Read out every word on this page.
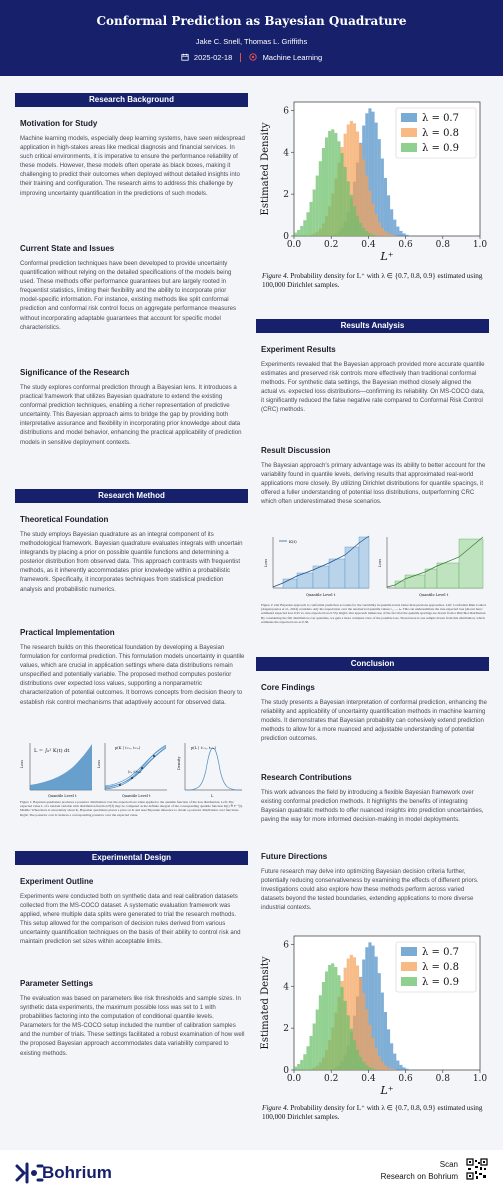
Conformal Prediction as Bayesian Quadrature
Jake C. Snell, Thomas L. Griffiths
2025-02-18	Machine Learning
Research Background
Motivation for Study
Machine learning models, especially deep learning systems, have seen widespread application in high-stakes areas like medical diagnosis and financial services. In such critical environments, it is imperative to ensure the performance reliability of these models. However, these models often operate as black boxes, making it challenging to predict their outcomes when deployed without detailed insights into their training and configuration. The research aims to address this challenge by improving uncertainty quantification in the predictions of such models.
Current State and Issues
Conformal prediction techniques have been developed to provide uncertainty quantification without relying on the detailed specifications of the models being used. These methods offer performance guarantees but are largely rooted in frequentist statistics, limiting their flexibility and the ability to incorporate prior model-specific information. For instance, existing methods like split conformal prediction and conformal risk control focus on aggregate performance measures without incorporating adaptable guarantees that account for specific model characteristics.
Significance of the Research
The study explores conformal prediction through a Bayesian lens. It introduces a practical framework that utilizes Bayesian quadrature to extend the existing conformal prediction techniques, enabling a richer representation of predictive uncertainty. This Bayesian approach aims to bridge the gap by providing both interpretative assurance and flexibility in incorporating prior knowledge about data distributions and model behavior, enhancing the practical applicability of prediction models in sensitive deployment contexts.
Research Method
Theoretical Foundation
The study employs Bayesian quadrature as an integral component of its methodological framework. Bayesian quadrature evaluates integrals with uncertain integrands by placing a prior on possible quantile functions and determining a posterior distribution from observed data. This approach contrasts with frequentist methods, as it inherently accommodates prior knowledge within a probabilistic framework. Specifically, it incorporates techniques from statistical prediction analysis and probabilistic numerics.
Practical Implementation
The research builds on this theoretical foundation by developing a Bayesian formulation for conformal prediction. This formulation models uncertainty in quantile values, which are crucial in application settings where data distributions remain unspecified and potentially variable. The proposed method computes posterior distributions over expected loss values, supporting a nonparametric characterization of potential outcomes. It borrows concepts from decision theory to establish risk control mechanisms that adaptively account for observed data.
L = ∫₀¹ K(t) dt
Quantile Level t
Loss
p(K | ℓ₁:ₙ, t₁:ₙ)
(ℓᵢ, tᵢ)ⁿᵢ₌₁
Quantile Level t
Loss
p(L | ℓ₁:ₙ, t₁:ₙ)
L
Density
Figure 1: Bayesian quadrature produces a posterior distribution over the expected loss when applied to the quantile function of the loss distribution. Left: The expected value L of a random variable with distribution function F(ℓ) may be computed as the definite integral of the corresponding quantile function K(t) ≜ F⁻¹(t). Middle: When there is uncertainty about K, Bayesian quadrature places a prior on K and uses Bayesian inference to obtain a posterior distribution over functions. Right: The posterior over K induces a corresponding posterior over the expected value.
Experimental Design
Experiment Outline
Experiments were conducted both on synthetic data and real calibration datasets collected from the MS-COCO dataset. A systematic evaluation framework was applied, where multiple data splits were generated to trial the research methods. This setup allowed for the comparison of decision rules derived from various uncertainty quantification techniques on the basis of their ability to control risk and maintain prediction set sizes within acceptable limits.
Parameter Settings
The evaluation was based on parameters like risk thresholds and sample sizes. In synthetic data experiments, the maximum possible loss was set to 1 with probabilities factoring into the computation of conditional quantile levels. Parameters for the MS-COCO setup included the number of calibration samples and the number of trials. These settings facilitated a robust examination of how well the proposed Bayesian approach accommodates data variability compared to existing methods.
0.0	0.2	0.4	0.6	0.8	1.0
0
2
4
6
L⁺
Estimated Density
λ = 0.7
λ = 0.8
λ = 0.9
Figure 4. Probability density for L⁺ with λ ∈ {0.7, 0.8, 0.9} estimated using 100,000 Dirichlet samples.
Results Analysis
Experiment Results
Experiments revealed that the Bayesian approach provided more accurate quantile estimates and preserved risk controls more effectively than traditional conformal methods. For synthetic data settings, the Bayesian method closely aligned the actual vs. expected loss distributions—confirming its reliability. On MS-COCO data, it significantly reduced the false negative rate compared to Conformal Risk Control (CRC) methods.
Result Discussion
The Bayesian approach's primary advantage was its ability to better account for the variability found in quantile levels, deriving results that approximated real-world applications more closely. By utilizing Dirichlet distributions for quantile spacings, it offered a fuller understanding of potential loss distributions, outperforming CRC which often underestimated these scenarios.
K(t)
Quantile Level t
Loss
Quantile Level t
Loss
Figure 2: Our Bayesian approach to conformal prediction accounts for the variability in quantile levels better than previous approaches. Left: Conformal Risk Control (Angelopoulos et al., 2024) considers only the expectation over the unobserved quantile values t₁, ..., tₙ. This can underestimate the true expected loss (shown here: estimated expected loss 0.45 vs. true expected loss 0.53). Right: Our approach makes use of the fact that the quantile spacings are drawn from a Dirichlet distribution. By considering the full distribution over quantiles, we gain a more complete view of the possible loss. Shown here is one sample drawn from this distribution, which estimates the expected loss as 0.58.
Conclusion
Core Findings
The study presents a Bayesian interpretation of conformal prediction, enhancing the reliability and applicability of uncertainty quantification methods in machine learning models. It demonstrates that Bayesian probability can cohesively extend prediction methods to allow for a more nuanced and adjustable understanding of potential prediction outcomes.
Research Contributions
This work advances the field by introducing a flexible Bayesian framework over existing conformal prediction methods. It highlights the benefits of integrating Bayesian quadratic methods to offer nuanced insights into prediction uncertainties, paving the way for more informed decision-making in model deployments.
Future Directions
Future research may delve into optimizing Bayesian decision criteria further, potentially reducing conservativeness by examining the effects of different priors. Investigations could also explore how these methods perform across varied datasets beyond the tested boundaries, extending applications to more diverse industrial contexts.
0.0	0.2	0.4	0.6	0.8	1.0
0
2
4
6
L⁺
Estimated Density
λ = 0.7
λ = 0.8
λ = 0.9
Figure 4. Probability density for L⁺ with λ ∈ {0.7, 0.8, 0.9} estimated using 100,000 Dirichlet samples.
Bohrium	Scan
Research on Bohrium
